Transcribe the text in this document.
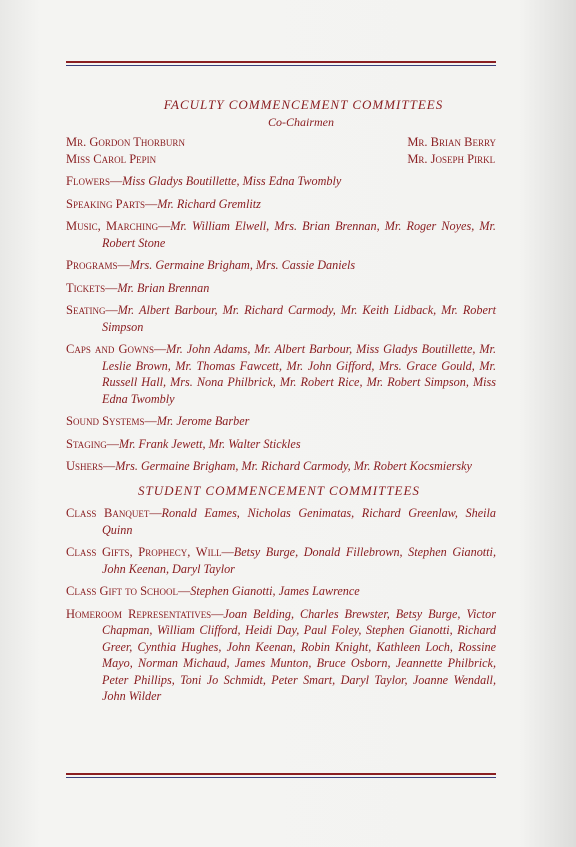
FACULTY COMMENCEMENT COMMITTEES
Co-Chairmen
Mr. Gordon Thorburn
Miss Carol Pepin
Mr. Brian Berry
Mr. Joseph Pirkl
Flowers—Miss Gladys Boutillette, Miss Edna Twombly
Speaking Parts—Mr. Richard Gremlitz
Music, Marching—Mr. William Elwell, Mrs. Brian Brennan, Mr. Roger Noyes, Mr. Robert Stone
Programs—Mrs. Germaine Brigham, Mrs. Cassie Daniels
Tickets—Mr. Brian Brennan
Seating—Mr. Albert Barbour, Mr. Richard Carmody, Mr. Keith Lidback, Mr. Robert Simpson
Caps and Gowns—Mr. John Adams, Mr. Albert Barbour, Miss Gladys Boutillette, Mr. Leslie Brown, Mr. Thomas Fawcett, Mr. John Gifford, Mrs. Grace Gould, Mr. Russell Hall, Mrs. Nona Philbrick, Mr. Robert Rice, Mr. Robert Simpson, Miss Edna Twombly
Sound Systems—Mr. Jerome Barber
Staging—Mr. Frank Jewett, Mr. Walter Stickles
Ushers—Mrs. Germaine Brigham, Mr. Richard Carmody, Mr. Robert Kocsmiersky
STUDENT COMMENCEMENT COMMITTEES
Class Banquet—Ronald Eames, Nicholas Genimatas, Richard Greenlaw, Sheila Quinn
Class Gifts, Prophecy, Will—Betsy Burge, Donald Fillebrown, Stephen Gianotti, John Keenan, Daryl Taylor
Class Gift to School—Stephen Gianotti, James Lawrence
Homeroom Representatives—Joan Belding, Charles Brewster, Betsy Burge, Victor Chapman, William Clifford, Heidi Day, Paul Foley, Stephen Gianotti, Richard Greer, Cynthia Hughes, John Keenan, Robin Knight, Kathleen Loch, Rossine Mayo, Norman Michaud, James Munton, Bruce Osborn, Jeannette Philbrick, Peter Phillips, Toni Jo Schmidt, Peter Smart, Daryl Taylor, Joanne Wendall, John Wilder
